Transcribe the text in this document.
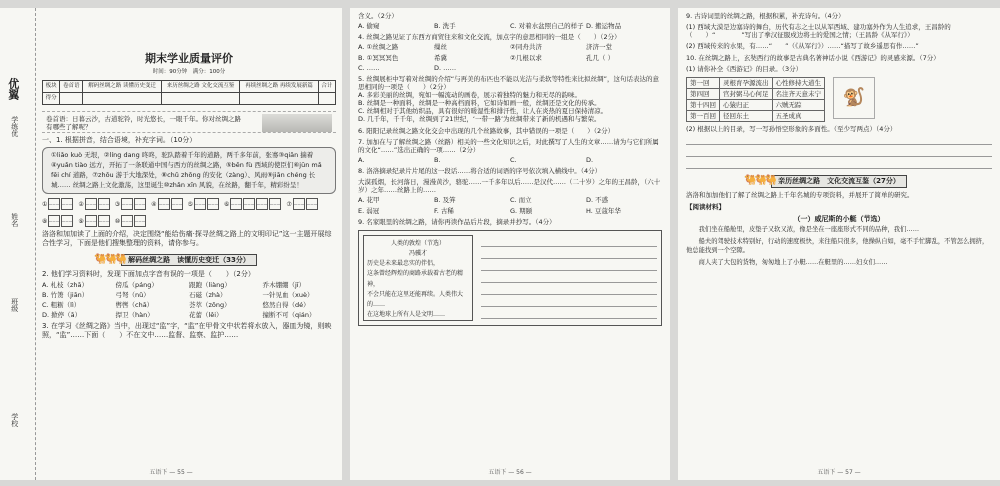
优翼
学练优
姓名
班级
学校
期末学业质量评价
时间：90分钟　满分：100分
板块	卷首语	解码丝绸之路 读懂历史变迁	来历丝绸之路 文化交流互鉴	再续丝绸之路 再续发展新篇	合计
得分					
卷首语：日暮云沙，古道驼铃，时光悠长，一眼千年。你对丝绸之路有哪些了解呢？
一、1. 根据拼音，结合语境，补充字词。（10分）
①liǎo kuò 无垠，②líng dang 咚咚，驼队踏着千年的道路，两千多年前，张骞③qiān 揣着④yuǎn tiào 远方，开拓了一条联通中国与西方的丝绸之路，⑤bēn fù 西域的使臣们⑥jūn mǎ fēi chí 道路，⑦zhōu 游于大地深处，⑧chǔ zhōng 的安化（zàng）、风雨⑨jiān chéng 长城…… 丝绸之路上文化激荡，这里诞生⑩zhǎn xīn 风貌，在丝路，翻千年，精彩纷呈！
①	②	③	④	⑤	⑥	⑦
⑧	⑨	⑩
洛洛和加加读了上面的介绍，决定围绕“能给伤痛·探寻丝绸之路上的文明印记”这一主题开展综合性学习，下面是他们搜集整理的资料，请你参与。
🐫🐫🐫 解码丝绸之路　读懂历史变迁（33分）
2. 他们学习资料时，发现下面加点字音有误的一项是（　　）（2分）
A. 札枝（zhā）	傍瓜（páng）	跟跑（liàng）	乔木绷绷（jī）
B. 竹箦（jiān）	弓弩（nǔ）	石磁（zhà）	一针见血（xuè）
C. 粗粝（lì）	辔辔（chā）	荟萃（zōng）	悠然自得（dé）
D. 掀停（ā）	捍卫（hàn）	花蕾（lěi）	撞断不可（qián）
3. 在学习《丝绸之路》当中，出现过“监”字，“监”在甲骨文中状若将水放入，器皿为镜，则映照，“监”……下面（　　）不在文中……监督、监察、监护……
五语下 — 55 —
含义。（2分）
A. 偷窥	B. 洗手	C. 对着水盆照自己的样子 D. 搬运物品
4. 丝绸之路见证了东西方商贸往来和文化交流，加点字的意思相同的一组是（　　）（2分）
A. ①丝绸之路	缫丝	②同舟共济	济济一堂
B. ①冥冥冥色	希冀	②几根以求	孔几（ ）
C. ……	D. ……
5. 丝绸展柜中写着对丝绸的介绍“与再美的布匹也不能以光洁与柔软等特性来比拟丝绸”，这句话表达的意思相同的一项是（　　）（2分）
A. 多彩美丽的丝绸，宛如一幅流动的画卷，展示着独特的魅力和无尽的韵味。
B. 丝绸是一种面料，丝绸是一种高档面料，它如诗如画一般，丝绸还是文化的传承。
C. 丝绸相对于其他纺织品，具有很好的暖湿性和排汗性，让人在炎热的夏日保持清凉。
D. 几千年，千千年，丝绸到了21世纪，‘一带一路’为丝绸带来了新的机遇和与繁荣。
6. 阳阳记录丝绸之路文化交会中出现的几个丝路故事，其中错误的一项是（　　）（2分）
7. 加加在与了解丝绸之路（丝路）相关的一些文化知识之后，对此撰写了人生的文章……请为与它们所属的文化“……”选出正确的一项……（2分）
A.	B.	C.	D.
8. 洛洛摘录纪录片片尾的这一段话……将合适的词语的序号依次填入横线中。（4分）
大漠孤烟，长河落日，漫漫黄沙，骆驼……一千多年以后……是汉代……（二十岁）之年的王昌龄，（六十岁）之年……丝路上的……
A. 花甲	B. 及笄	C. 而立	D. 不惑
E. 弱冠	F. 古稀	G. 期颐	H. 豆蔻年华
9. 名家眼里的丝绸之路，请你再读作品后片段，摘录并抄写。（4分）
人类的敦煌（节选）
冯骥才
历史是未来最忠实的伴侣，
这条曾经辉煌的商路承载着古老的精神，
不会只能在这里还能再续。人类伟大的……
在这地球上所有人是文明……
五语下 — 56 —
9. 古诗词里的丝绸之路，根据积累，补充诗句。（4分）
(1) 西域大漠是边塞诗的舞台，历代有志之士以从军西域、建功塞外作为人生追求，王昌龄的（　　）“　　　　”写出了拳汉征服戍边将士的爱国之情；（王昌龄《从军行》）
(2) 西域传来的水果，有……“　　”（《从军行》）……“描写了故乡遥思有作……”
10. 在丝绸之路上，玄奘西行的故事是古典名著神话小说《西游记》的灵感来源。（7分）
(1) 请你补全《西游记》的目录。（3分）
第一回	灵根育孕源流出	心性修持大道生
第四回	官封弼马心何足	名注齐天意未宁
第十四回	心猿归正	六贼无踪
第一百回	径回东土	五圣成真
🐒
(2) 根据以上的目录，写一写孙悟空形象的多面性。（至少写两点）（4分）
🐫🐫🐫 亲历丝绸之路　文化交流互鉴（27分）
洛洛和加加他们了解了丝绸之路上千年名城的专项资料，并展开了简单的研究。
【阅读材料】
（一）威尼斯的小艇（节选）
我们坐在船舱里，皮垫子又软又浓，像是坐在一座座形式不同的品种，我们……
船夫的驾驶技术特别好，行动的速度极快，来往船只很多，他操纵自如，毫不手忙脚乱，不管怎么拥挤，他总能找到一个空隙。
商人夹了大包的货物，匆匆地上了小艇……在艇里的……妇女们……
五语下 — 57 —
